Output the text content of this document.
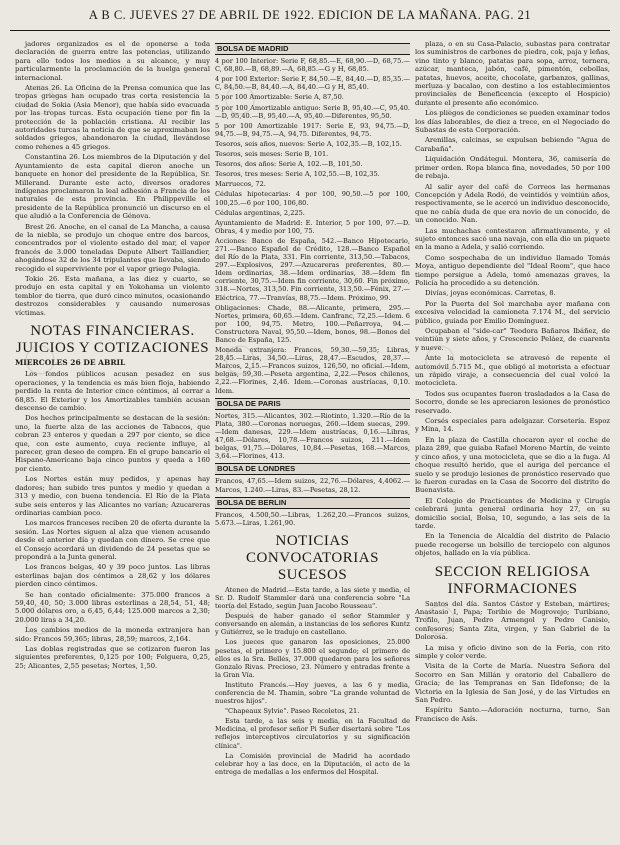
A B C. JUEVES 27 DE ABRIL DE 1922. EDICION DE LA MAÑANA. PAG. 21

jadores organizados es el de oponerse a toda declaración de guerra entre las potencias, utilizando para ello todos los medios a su alcance, y muy particularmente la proclamación de la huelga general internacional.

Atenas 26. La Oficina de la Prensa comunica que las tropas griegas han ocupado tras corta resistencia la ciudad de Sokia (Asia Menor), que había sido evacuada por las tropas turcas. Esta ocupación tiene por fin la protección de la población cristiana. Al recibir las autoridades turcas la noticia de que se aproximaban los soldados griegos, abandonaron la ciudad, llevándose como rehenes a 45 griegos.

Constantina 26. Los miembros de la Diputación y del Ayuntamiento de esta capital dieron anoche un banquete en honor del presidente de la República, Sr. Millerand. Durante este acto, diversos oradores indígenas proclamaron la leal adhesión a Francia de los naturales de esta provincia. En Philippeville el presidente de la República pronunció un discurso en el que aludió a la Conferencia de Génova.

Brest 26. Anoche, en el canal de La Mancha, a causa de la niebla, se produjo un choque entre dos barcos, concentrados por el violento estado del mar, el vapor francés de 3.000 toneladas Depute Albert Taillandier, ahogándose 32 de los 34 tripulantes que llevaba, siendo recogido el superviviente por el vapor griego Pelagia.

Tokio 26. Esta mañana, a las diez y cuarto, se produjo en esta capital y en Yokohama un violento temblor de tierra, que duró cinco minutos, ocasionando destrozos considerables y causando numerosas víctimas.

NOTAS FINANCIERAS. JUICIOS Y COTIZACIONES
MIERCOLES 26 DE ABRIL

Los fondos públicos acusan pesadez en sus operaciones, y la tendencia es más bien floja, habiendo perdido la renta de Interior cinco céntimos, al cerrar a 68,85. El Exterior y los Amortizables también acusan descenso de cambio.

Dos hechos principalmente se destacan de la sesión: uno, la fuerte alza de las acciones de Tabacos, que cobran 23 enteros y quedan a 297 por ciento, se dice que, con este aumento, cuya reciente influye, al parecer, gran deseo de compra. En el grupo bancario el Hispano-Americano baja cinco puntos y queda a 160 por ciento.

Los Nortes están muy pedidos, y apenas hay dadores; han subido tres puntos y medio y quedan a 313 y medio, con buena tendencia. El Río de la Plata sube seis enteros y las Alicantes no varían; Azucareras ordinarias cambian poco.

Los marcos franceses reciben 20 de oferta durante la sesión. Las Nortes siguen al alza que vienen acusando desde el anterior día y quedan con dinero. Se cree que el Consejo acordará un dividendo de 24 pesetas que se propondrá a la Junta general.

Los francos belgas, 40 y 39 poco juntos. Las libras esterlinas bajan dos céntimos a 28,62 y los dólares pierden cinco céntimos.

Se han contado oficialmente: 375.000 francos a 59,40, 40, 50; 3.000 libras esterlinas a 28,54, 51, 48; 5.000 dólares oro, a 6,45, 6,44; 125.000 marcos a 2,30; 20.000 liras a 34,20.

Los cambios medios de la moneda extranjera han sido: Francos 59,365; libras, 28,59; marcos, 2,164.

Las doblas registradas que se cotizaron fueron las siguientes preferentes, 0,125 por 100; Felguera, 0,25, 25; Alicantes, 2,55 pesetas; Nortes, 1,50.

BOLSA DE MADRID

4 por 100 Interior: Serie F, 68,85.—E, 68,90.—D, 68,75.—C, 68,80.—B, 68,89.—A, 68,85.—G y H, 68,85.

4 por 100 Exterior: Serie F, 84,50.—E, 84,40.—D, 85,35.—C, 84,50.—B, 84,40.—A, 84,40.—G y H, 85,40.

5 por 100 Amortizable: Serie A, 87,50.

5 por 100 Amortizable antiguo: Serie B, 95,40.—C, 95,40.—D, 95,40.—B, 95,40.—A, 95,40.—Diferentes, 95,50.

5 por 100 Amortizable 1917: Serie E, 93, 94,75.—D, 94,75.—B, 94,75.—A, 94,75. Diferentes, 94,75.

Tesoros, seis años, nuevos: Serie A, 102,35.—B, 102,15.

Tesoros, seis meses: Serie B, 101.

Tesoros, dos años: Serie A, 102.—B, 101,50.

Tesoros, tres meses: Serie A, 102,55.—B, 102,35.

Marruecos, 72.

Cédulas hipotecarias: 4 por 100, 90,50.—5 por 100, 100,25.—6 por 100, 106,80.

Cédulas argentinas, 2,225.

Ayuntamiento de Madrid: E. Interior, 5 por 100, 97.—D. Obras, 4 y medio por 100, 75.

Acciones: Banco de España, 542.—Banco Hipotecario, 271.—Banco Español de Crédito, 128.—Banco Español del Río de la Plata, 331. Fin corriente, 313,50.—Tabacos, 297.—Explosivos, 297.—Azucareras preferentes, 80.—Idem ordinarias, 38.—Idem ordinarias, 38.—Idem fin corriente, 30,75.—Idem fin corriente, 30,60. Fin próximo, 318.—Nortes, 313,50. Fin corriente, 313,50.—Fénix, 27.—Eléctrica, 77.—Tranvías, 88,75.—Idem. Próximo, 99.

Obligaciones: Chade, 88.—Alicante, primera, 295.—Nortes, primera, 60,65.—Idem. Canfranc, 72,25.—Idem. 6 por 100, 94,75. Metro, 100.—Peñarroya, 94.—Constructora Naval, 95,50.—Idem, bonos, 98.—Bonos del Banco de España, 125.

Moneda extranjera: Francos, 59,30.—59,35; Libras, 28,45.—Liras, 34,50.—Liras, 28,47.—Escudos, 28,37.—Marcos, 2,15.—Francos suizos, 126,50, no oficial.—Idem, belgas, 59,30.—Peseta argentina, 2,22.—Pesos chilenos, 2,22.—Florines, 2,46. Idem.—Coronas austríacas, 0,10. Idem.

BOLSA DE PARIS

Nortes, 315.—Alicantes, 302.—Riotinto, 1.320.—Río de la Plata, 380.—Coronas noruegas, 260.—Idem suecas, 299.—Idem danesas, 229.—Idem austríacas, 0,16.—Libras, 47,68.—Dólares, 10,78.—Francos suizos, 211.—Idem belgas, 91,75.—Dólares, 10,84.—Pesetas, 168.—Marcos, 3,64.—Florines, 413.

BOLSA DE LONDRES

Francos, 47,65.—Idem suizos, 22,76.—Dólares, 4,4062.—Marcos, 1.240.—Liras, 83.—Pesetas, 28,12.

BOLSA DE BERLIN

Francos, 4.500,50.—Libras, 1.262,20.—Francos suizos, 5.673.—Liras, 1.261,90.

NOTICIAS CONVOCATORIAS SUCESOS

Ateneo de Madrid.—Esta tarde, a las siete y media, el Sr. D. Rudolf Stammler dará una conferencia sobre "La teoría del Estado, según Juan Jacobo Rousseau".

Después de haber ganado el señor Stammler y conversando en alemán, a instancias de los señores Kuntz y Gutiérrez, se le tradujo en castellano.

Los jueces que ganaron las oposiciones, 25.000 pesetas, el primero y 15.800 el segundo; el primero de ellos es la Sra. Bellés, 37.000 quedaron para los señores Gonzalo Rivas. Precioso, 23. Número y entradas frente a la Gran Vía.

Instituto Francés.—Hoy jueves, a las 6 y media, conferencia de M. Thamin, sobre "La grande voluntad de nuestros hijos".

"Chapeaux Sylvie". Paseo Recoletos, 21.

Esta tarde, a las seis y media, en la Facultad de Medicina, el profesor señor Pi Suñer disertará sobre "Los reflejos interceptivos circulatorios y su significación clínica".

La Comisión provincial de Madrid ha acordado celebrar hoy a las doce, en la Diputación, el acto de la entrega de medallas a los enfermos del Hospital.

plaza, o en su Casa-Palacio, subastas para contratar los suministros de carbones de piedra, cok, paja y leñas, vino tinto y blanco, patatas para sopa, arroz, ternera, azúcar, manteca, jabón, café, pimentón, cebollas, patatas, huevos, aceite, chocolate, garbanzos, gallinas, merluza y bacalao, con destino a los establecimientos provinciales de Beneficencia (excepto el Hospicio) durante el presente año económico.

Los pliegos de condiciones se pueden examinar todos los días laborables, de diez a trece, en el Negociado de Subastas de esta Corporación.

Arenillas, calcinas, se expulsan bebiendo "Agua de Carabaña".

Liquidación Ondátegui. Montera, 36, camisería de primer orden. Ropa blanca fina, novedades, 50 por 100 de rebaja.

Al salir ayer del café de Correos las hermanas Concepción y Adela Rodó, de veintidós y veintiún años, respectivamente, se le acercó un individuo desconocido, que no cabía duda de que era novio de un conocido, de un conocido. Nan.

Las muchachas contestaron afirmativamente, y el sujeto entonces sacó una navaja, con ella dio un piquete en la mano a Adela, y salió corriendo.

Como sospechaba de un individuo llamado Tomás Moya, antiguo dependiente del "Ideal Room", que hace tiempo persigue a Adela, tomó amenazas graves, la Policía ha procedido a su detención.

Divías, joyas económicas. Carretas, 8.

Por la Puerta del Sol marchaba ayer mañana con excesiva velocidad la camioneta 7.174 M., del servicio público, guiada por Emilio Domínguez.

Ocupaban el "side-car" Teodora Bañaros Ibáñez, de veintiún y siete años, y Crescencio Peláez, de cuarenta y nueve.

Ante la motocicleta se atravesó de repente el automóvil 5.715 M., que obligó al motorista a efectuar un rápido viraje, a consecuencia del cual volcó la motocicleta.

Todos sus ocupantes fueron trasladados a la Casa de Socorro, donde se les apreciaron lesiones de pronóstico reservado.

Corsés especiales para adelgazar. Corsetería. Espoz y Mina, 14.

En la plaza de Castilla chocaron ayer el coche de plaza 289, que guiaba Rafael Moreno Martín, de veinte y cinco años, y una motocicleta, que se dio a la fuga. Al choque resultó herido, que el auriga del percance el suelo y se produjo lesiones de pronóstico reservado que le fueron curadas en la Casa de Socorro del distrito de Buenavista.

El Colegio de Practicantes de Medicina y Cirugía celebrará junta general ordinaria hoy 27, en su domicilio social, Bolsa, 10, segundo, a las seis de la tarde.

En la Tenencia de Alcaldía del distrito de Palacio puede recogerse un bolsillo de terciopelo con algunos objetos, hallado en la vía pública.

SECCION RELIGIOSA INFORMACIONES

Santos del día. Santos Cástor y Esteban, mártires; Anastasio I, Papa; Toribio de Mogrovejo; Turibiano, Trofilo, Juan, Pedro Armengol y Pedro Canisio, confesores; Santa Zita, virgen, y San Gabriel de la Dolorosa.

La misa y oficio divino son de la Feria, con rito simple y color verde.

Visita de la Corte de María. Nuestra Señora del Socorro en San Millán y oratorio del Caballero de Gracia; de las Tempranas en San Ildefonso; de la Victoria en la Iglesia de San José, y de las Virtudes en San Pedro.

Espíritu Santo.—Adoración nocturna, turno, San Francisco de Asís.
